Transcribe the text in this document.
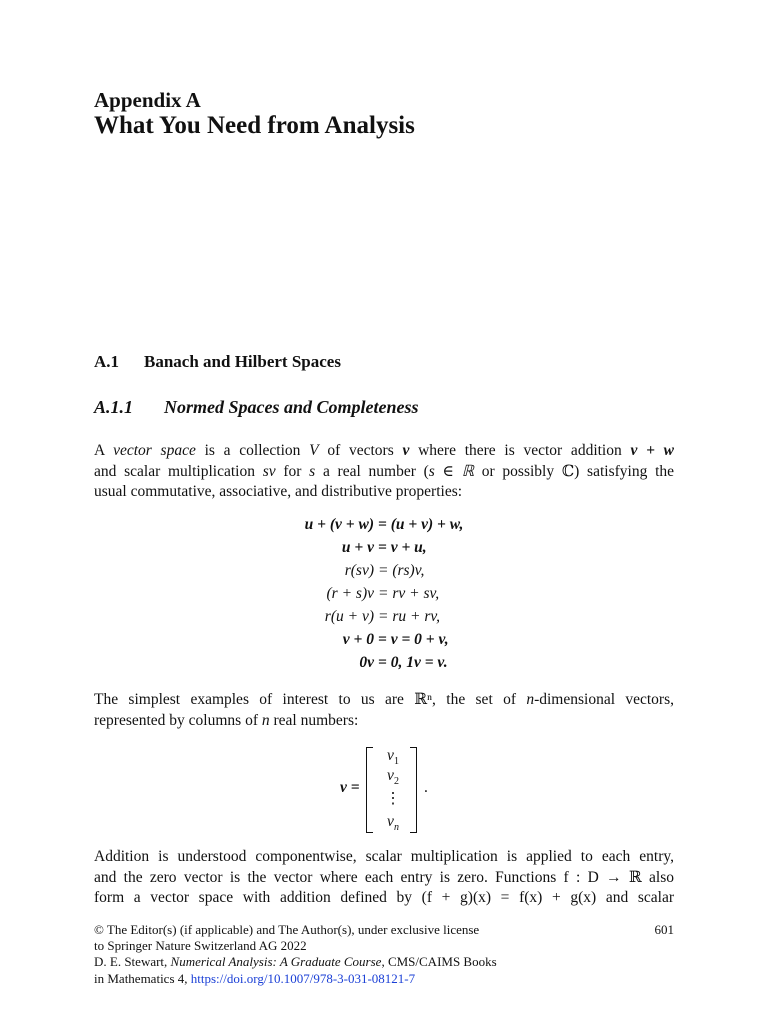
Appendix A
What You Need from Analysis
A.1 Banach and Hilbert Spaces
A.1.1 Normed Spaces and Completeness
A vector space is a collection V of vectors v where there is vector addition v + w
and scalar multiplication sv for s a real number (s ∈ ℝ or possibly ℂ) satisfying the
usual commutative, associative, and distributive properties:
u + (v + w) = (u + v) + w,
u + v = v + u,
r(sv) = (rs)v,
(r + s)v = rv + sv,
r(u + v) = ru + rv,
v + 0 = v = 0 + v,
0v = 0, 1v = v.
The simplest examples of interest to us are ℝⁿ, the set of n-dimensional vectors,
represented by columns of n real numbers:
v =
$v_1$
$v_2$
⋮
$v_n$
.
Addition is understood componentwise, scalar multiplication is applied to each entry,
and the zero vector is the vector where each entry is zero. Functions f : D → ℝ also
form a vector space with addition defined by (f + g)(x) = f(x) + g(x) and scalar
© The Editor(s) (if applicable) and The Author(s), under exclusive license
to Springer Nature Switzerland AG 2022
D. E. Stewart, Numerical Analysis: A Graduate Course, CMS/CAIMS Books
in Mathematics 4, https://doi.org/10.1007/978-3-031-08121-7
601
